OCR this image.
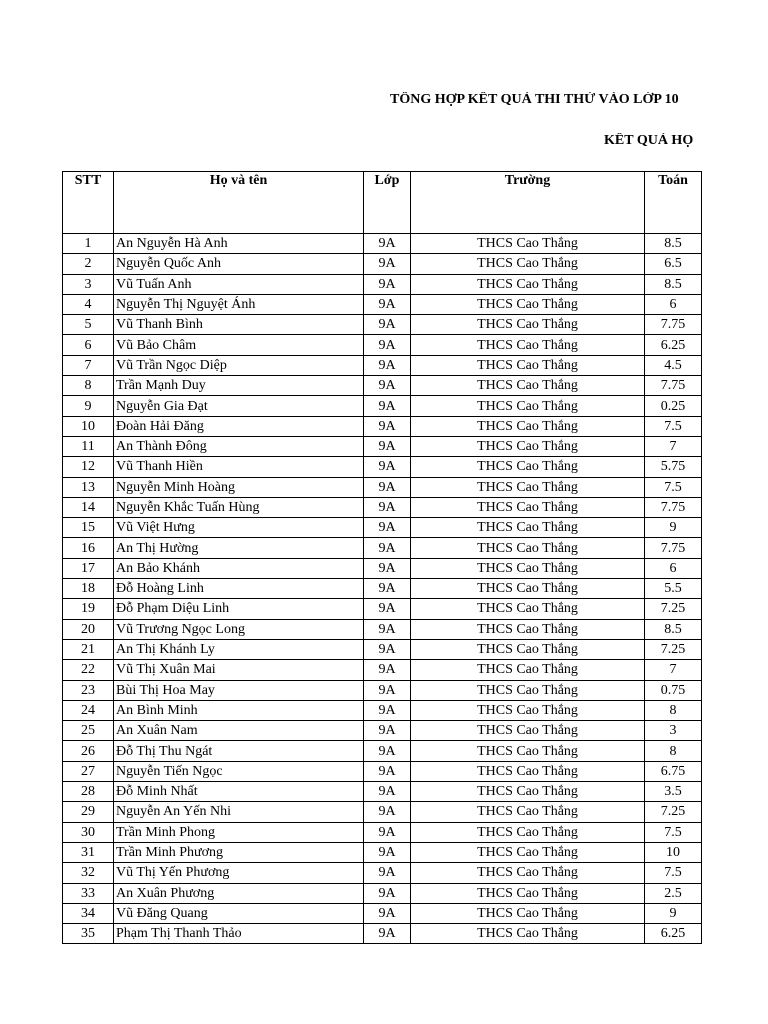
TỔNG HỢP KẾT QUẢ THI THỬ VÀO LỚP 10
KẾT QUẢ HỌ
STT	Họ và tên	Lớp	Trường	Toán
1	An Nguyễn Hà Anh	9A	THCS Cao Thắng	8.5
2	Nguyễn Quốc Anh	9A	THCS Cao Thắng	6.5
3	Vũ Tuấn Anh	9A	THCS Cao Thắng	8.5
4	Nguyễn Thị Nguyệt Ánh	9A	THCS Cao Thắng	6
5	Vũ Thanh Bình	9A	THCS Cao Thắng	7.75
6	Vũ Bảo Châm	9A	THCS Cao Thắng	6.25
7	Vũ Trần Ngọc Diệp	9A	THCS Cao Thắng	4.5
8	Trần Mạnh Duy	9A	THCS Cao Thắng	7.75
9	Nguyễn Gia Đạt	9A	THCS Cao Thắng	0.25
10	Đoàn Hải Đăng	9A	THCS Cao Thắng	7.5
11	An Thành Đông	9A	THCS Cao Thắng	7
12	Vũ Thanh Hiền	9A	THCS Cao Thắng	5.75
13	Nguyễn Minh Hoàng	9A	THCS Cao Thắng	7.5
14	Nguyễn Khắc Tuấn Hùng	9A	THCS Cao Thắng	7.75
15	Vũ Việt Hưng	9A	THCS Cao Thắng	9
16	An Thị Hường	9A	THCS Cao Thắng	7.75
17	An Bảo Khánh	9A	THCS Cao Thắng	6
18	Đỗ Hoàng Linh	9A	THCS Cao Thắng	5.5
19	Đỗ Phạm Diệu Linh	9A	THCS Cao Thắng	7.25
20	Vũ Trương Ngọc Long	9A	THCS Cao Thắng	8.5
21	An Thị Khánh Ly	9A	THCS Cao Thắng	7.25
22	Vũ Thị Xuân Mai	9A	THCS Cao Thắng	7
23	Bùi Thị Hoa May	9A	THCS Cao Thắng	0.75
24	An Bình Minh	9A	THCS Cao Thắng	8
25	An Xuân Nam	9A	THCS Cao Thắng	3
26	Đỗ Thị Thu Ngát	9A	THCS Cao Thắng	8
27	Nguyễn Tiến Ngọc	9A	THCS Cao Thắng	6.75
28	Đỗ Minh Nhất	9A	THCS Cao Thắng	3.5
29	Nguyễn An Yến Nhi	9A	THCS Cao Thắng	7.25
30	Trần Minh Phong	9A	THCS Cao Thắng	7.5
31	Trần Minh Phương	9A	THCS Cao Thắng	10
32	Vũ Thị Yến Phương	9A	THCS Cao Thắng	7.5
33	An Xuân Phương	9A	THCS Cao Thắng	2.5
34	Vũ Đăng Quang	9A	THCS Cao Thắng	9
35	Phạm Thị Thanh Thảo	9A	THCS Cao Thắng	6.25
